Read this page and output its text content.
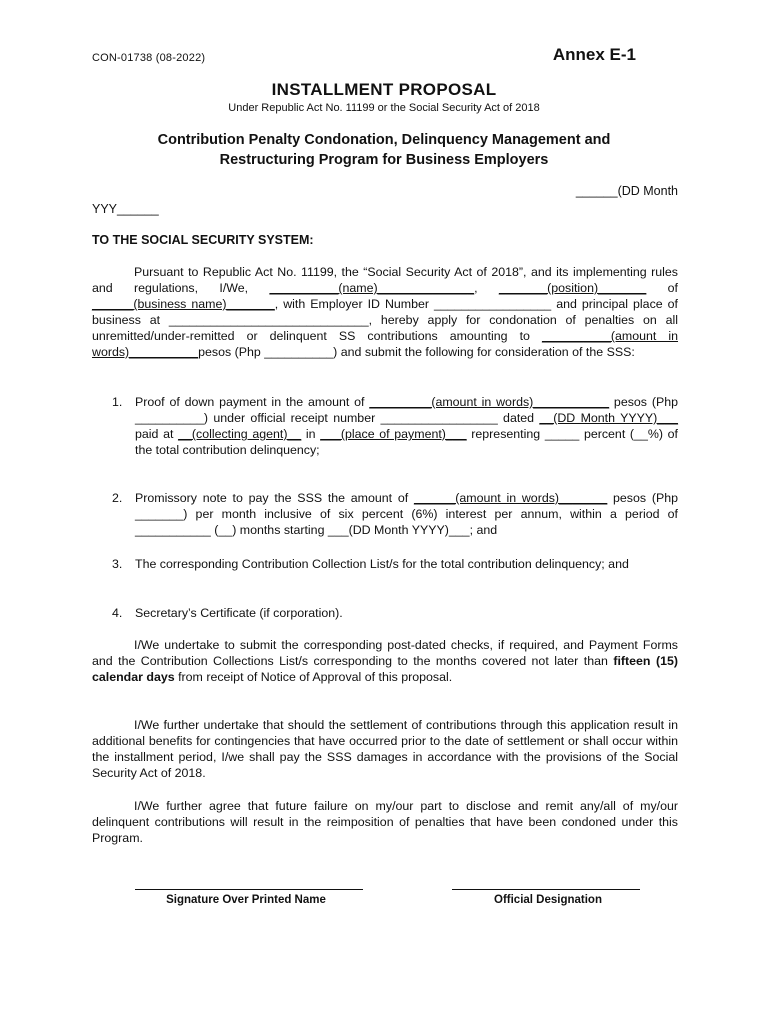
CON-01738 (08-2022)	Annex E-1
INSTALLMENT PROPOSAL
Under Republic Act No. 11199 or the Social Security Act of 2018
Contribution Penalty Condonation, Delinquency Management and
Restructuring Program for Business Employers
______(DD Month
YYY______
TO THE SOCIAL SECURITY SYSTEM:
Pursuant to Republic Act No. 11199, the “Social Security Act of 2018”, and its implementing rules and regulations, I/We, __________(name)______________, _______(position)_______ of ______(business name)_______, with Employer ID Number _________________ and principal place of business at _____________________________, hereby apply for condonation of penalties on all unremitted/under-remitted or delinquent SS contributions amounting to __________(amount in words)__________pesos (Php __________) and submit the following for consideration of the SSS:
1.	Proof of down payment in the amount of _________(amount in words)___________ pesos (Php __________) under official receipt number _________________ dated __(DD Month YYYY)___ paid at __(collecting agent)__ in ___(place of payment)___ representing _____ percent (__%) of the total contribution delinquency;
2.	Promissory note to pay the SSS the amount of ______(amount in words)_______ pesos (Php _______) per month inclusive of six percent (6%) interest per annum, within a period of ___________ (__) months starting ___(DD Month YYYY)___; and
3.	The corresponding Contribution Collection List/s for the total contribution delinquency; and
4.	Secretary’s Certificate (if corporation).
I/We undertake to submit the corresponding post-dated checks, if required, and Payment Forms and the Contribution Collections List/s corresponding to the months covered not later than fifteen (15) calendar days from receipt of Notice of Approval of this proposal.
I/We further undertake that should the settlement of contributions through this application result in additional benefits for contingencies that have occurred prior to the date of settlement or shall occur within the installment period, I/we shall pay the SSS damages in accordance with the provisions of the Social Security Act of 2018.
I/We further agree that future failure on my/our part to disclose and remit any/all of my/our delinquent contributions will result in the reimposition of penalties that have been condoned under this Program.
Signature Over Printed Name	Official Designation
